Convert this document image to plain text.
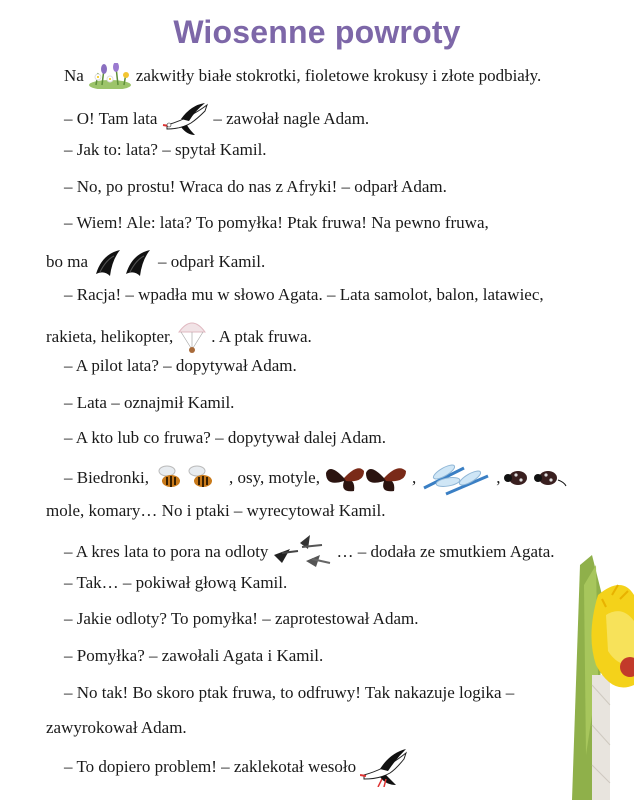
Wiosenne powroty
Na	zakwitły białe stokrotki, fioletowe krokusy i złote podbiały.
– O! Tam lata	– zawołał nagle Adam.
– Jak to: lata? – spytał Kamil.
– No, po prostu! Wraca do nas z Afryki! – odparł Adam.
– Wiem! Ale: lata? To pomyłka! Ptak fruwa! Na pewno fruwa,
bo ma	– odparł Kamil.
– Racja! – wpadła mu w słowo Agata. – Lata samolot, balon, latawiec,
rakieta, helikopter, . A ptak fruwa.
– A pilot lata? – dopytywał Adam.
– Lata – oznajmił Kamil.
– A kto lub co fruwa? – dopytywał dalej Adam.
– Biedronki,	, osy, motyle,	,	,
mole, komary… No i ptaki – wyrecytował Kamil.
– A kres lata to pora na odloty	… – dodała ze smutkiem Agata.
– Tak… – pokiwał głową Kamil.
– Jakie odloty? To pomyłka! – zaprotestował Adam.
– Pomyłka? – zawołali Agata i Kamil.
– No tak! Bo skoro ptak fruwa, to odfruwy! Tak nakazuje logika –
zawyrokował Adam.
– To dopiero problem! – zaklekotał wesoło
